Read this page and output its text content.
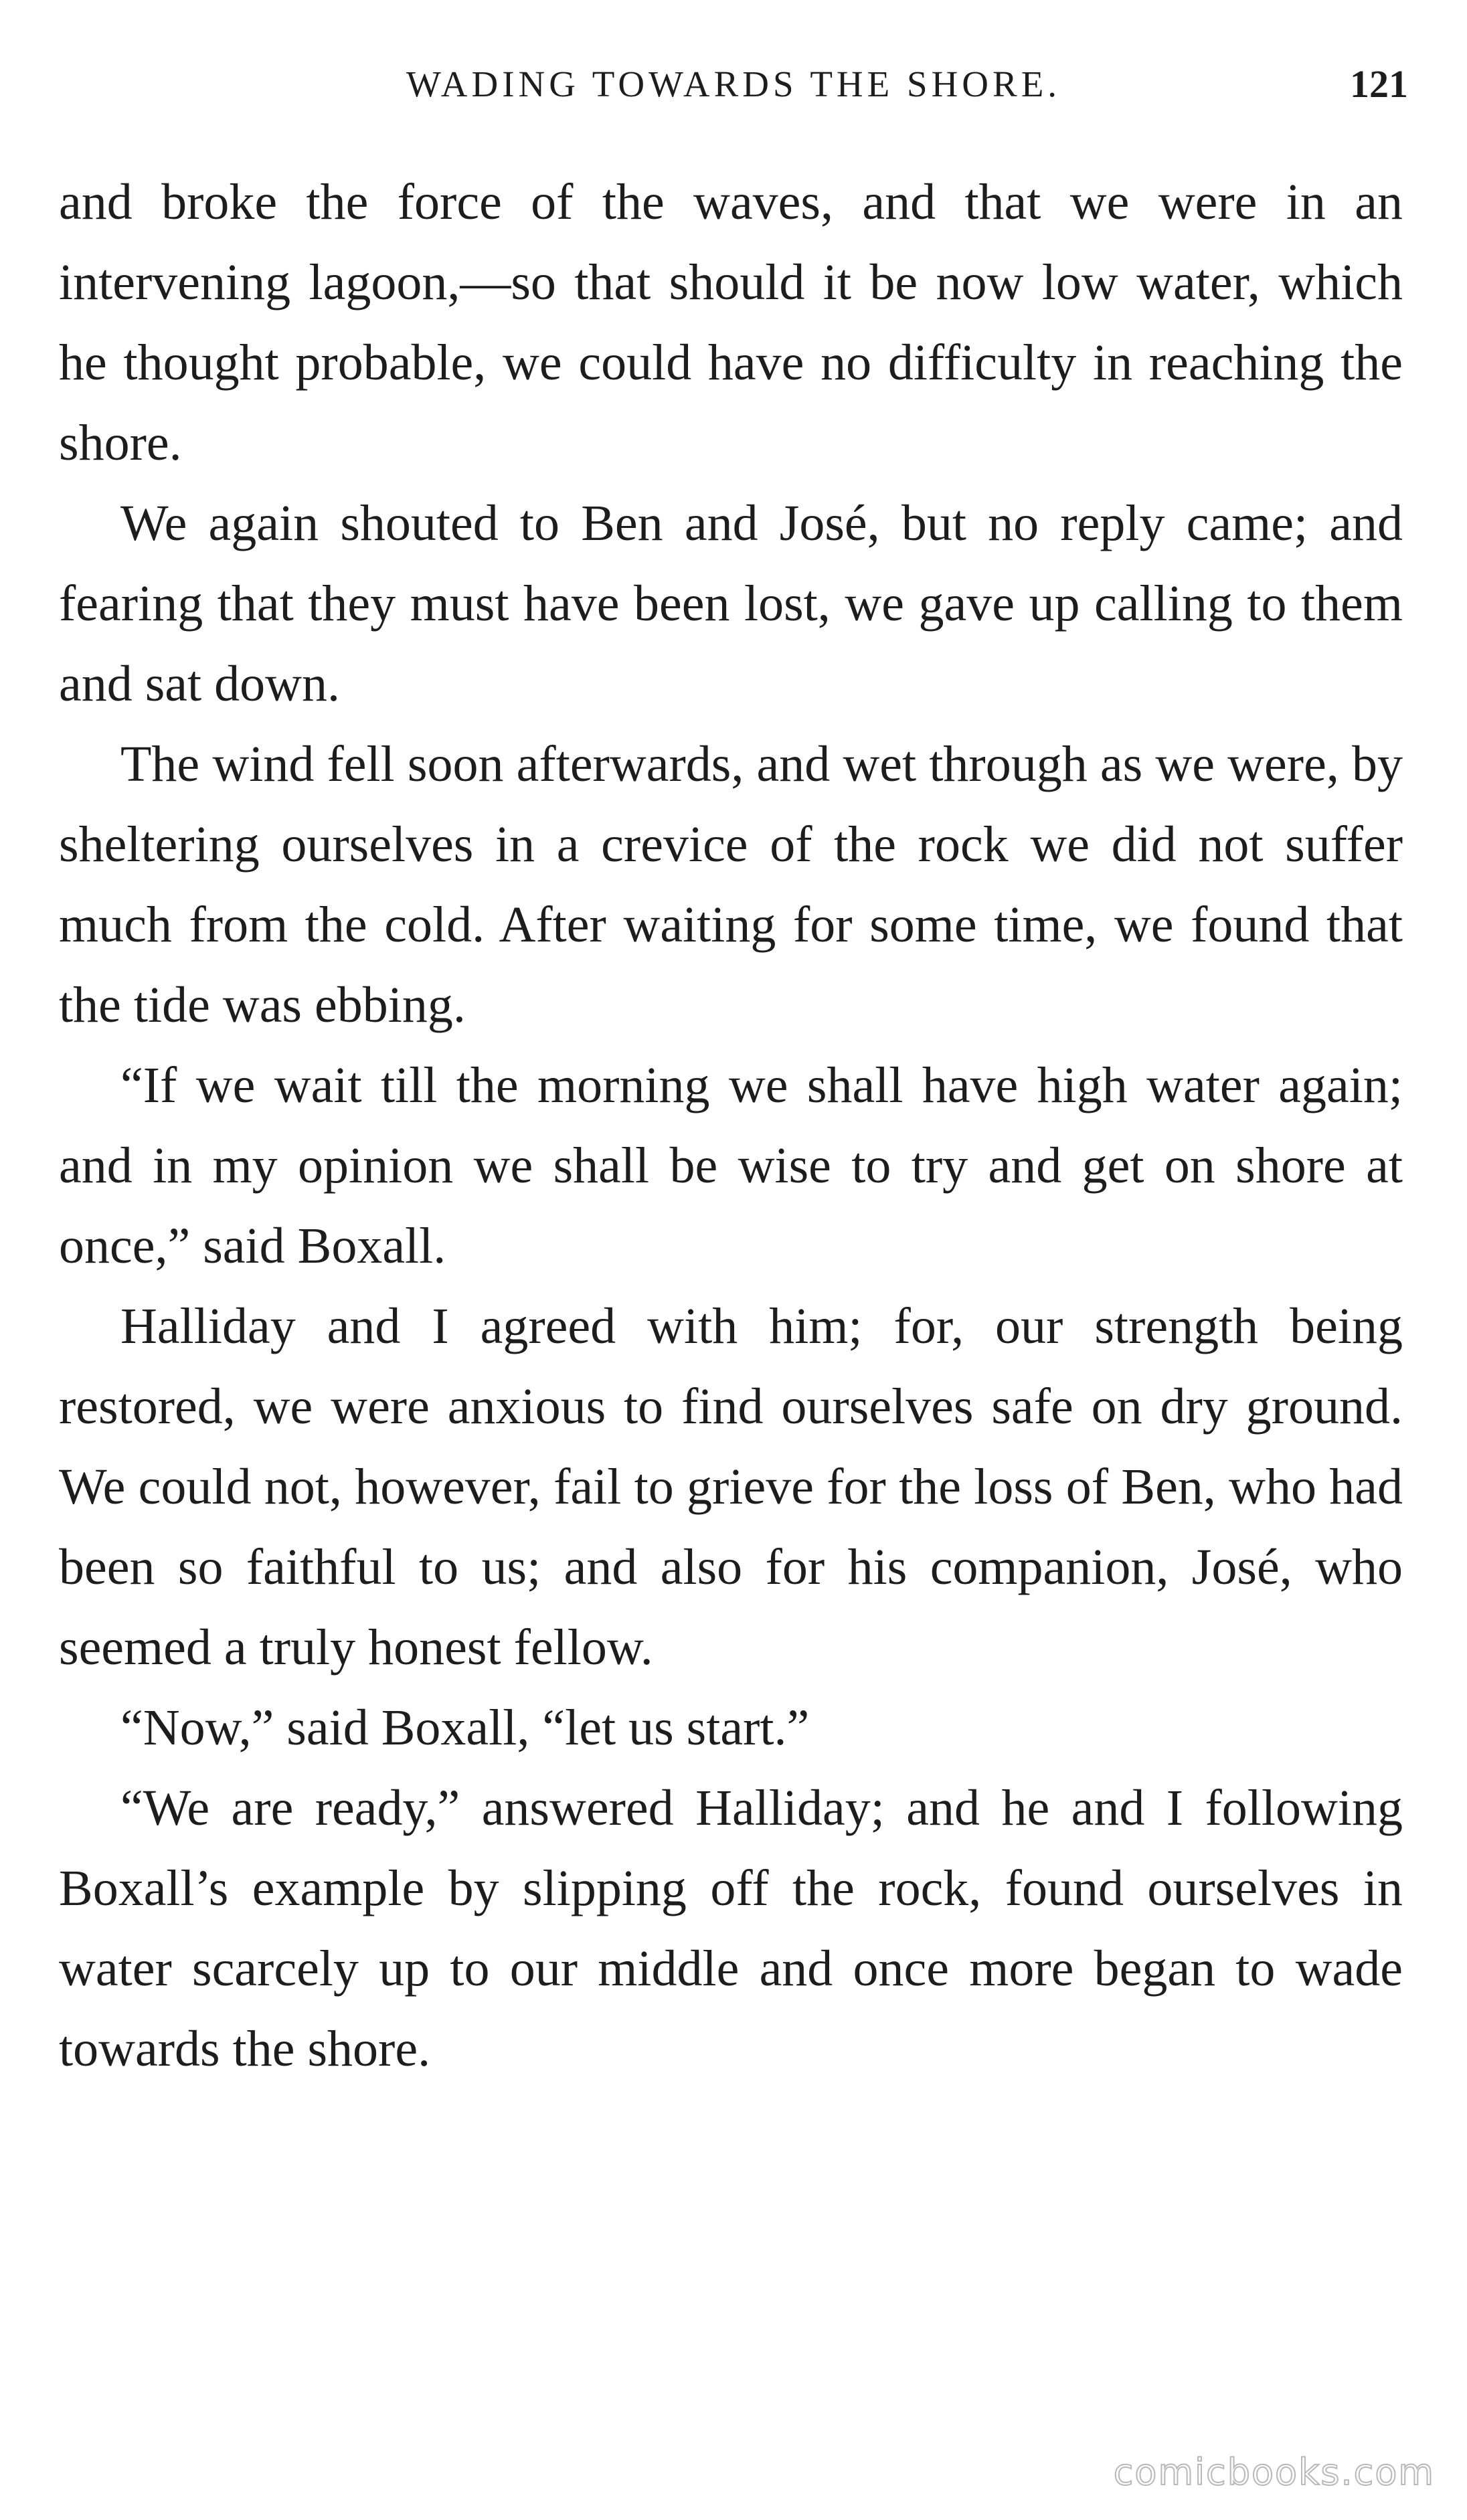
WADING TOWARDS THE SHORE.	121

and broke the force of the waves, and that we were in an intervening lagoon,—so that should it be now low water, which he thought probable, we could have no difficulty in reaching the shore.

We again shouted to Ben and José, but no reply came; and fearing that they must have been lost, we gave up calling to them and sat down.

The wind fell soon afterwards, and wet through as we were, by sheltering ourselves in a crevice of the rock we did not suffer much from the cold. After waiting for some time, we found that the tide was ebbing.

“If we wait till the morning we shall have high water again; and in my opinion we shall be wise to try and get on shore at once,” said Boxall.

Halliday and I agreed with him; for, our strength being restored, we were anxious to find ourselves safe on dry ground. We could not, however, fail to grieve for the loss of Ben, who had been so faithful to us; and also for his companion, José, who seemed a truly honest fellow.

“Now,” said Boxall, “let us start.”

“We are ready,” answered Halliday; and he and I following Boxall’s example by slipping off the rock, found ourselves in water scarcely up to our middle and once more began to wade towards the shore.

comicbooks.com
